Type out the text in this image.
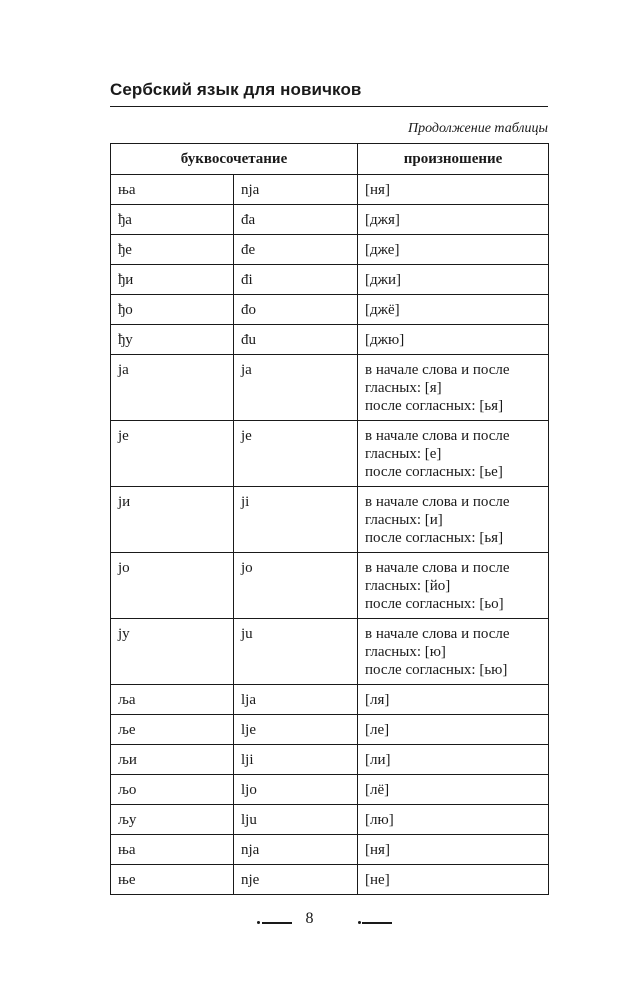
Сербский язык для новичков
Продолжение таблицы
буквосочетание		произношение
ња	nja	[ня]

ђа	đa	[джя]

ђе	đe	[дже]

ђи	đi	[джи]

ђо	đo	[джё]

ђу	đu	[джю]

ја	ja	в начале слова и после
гласных: [я]
после согласных: [ья]

је	je	в начале слова и после
гласных: [е]
после согласных: [ье]

ји	ji	в начале слова и после
гласных: [и]
после согласных: [ья]

јо	jo	в начале слова и после
гласных: [йо]
после согласных: [ьо]

ју	ju	в начале слова и после
гласных: [ю]
после согласных: [ью]

ља	lja	[ля]

ље	lje	[ле]

љи	lji	[ли]

љо	ljo	[лё]

љу	lju	[лю]

ња	nja	[ня]

ње	nje	[не]
8
